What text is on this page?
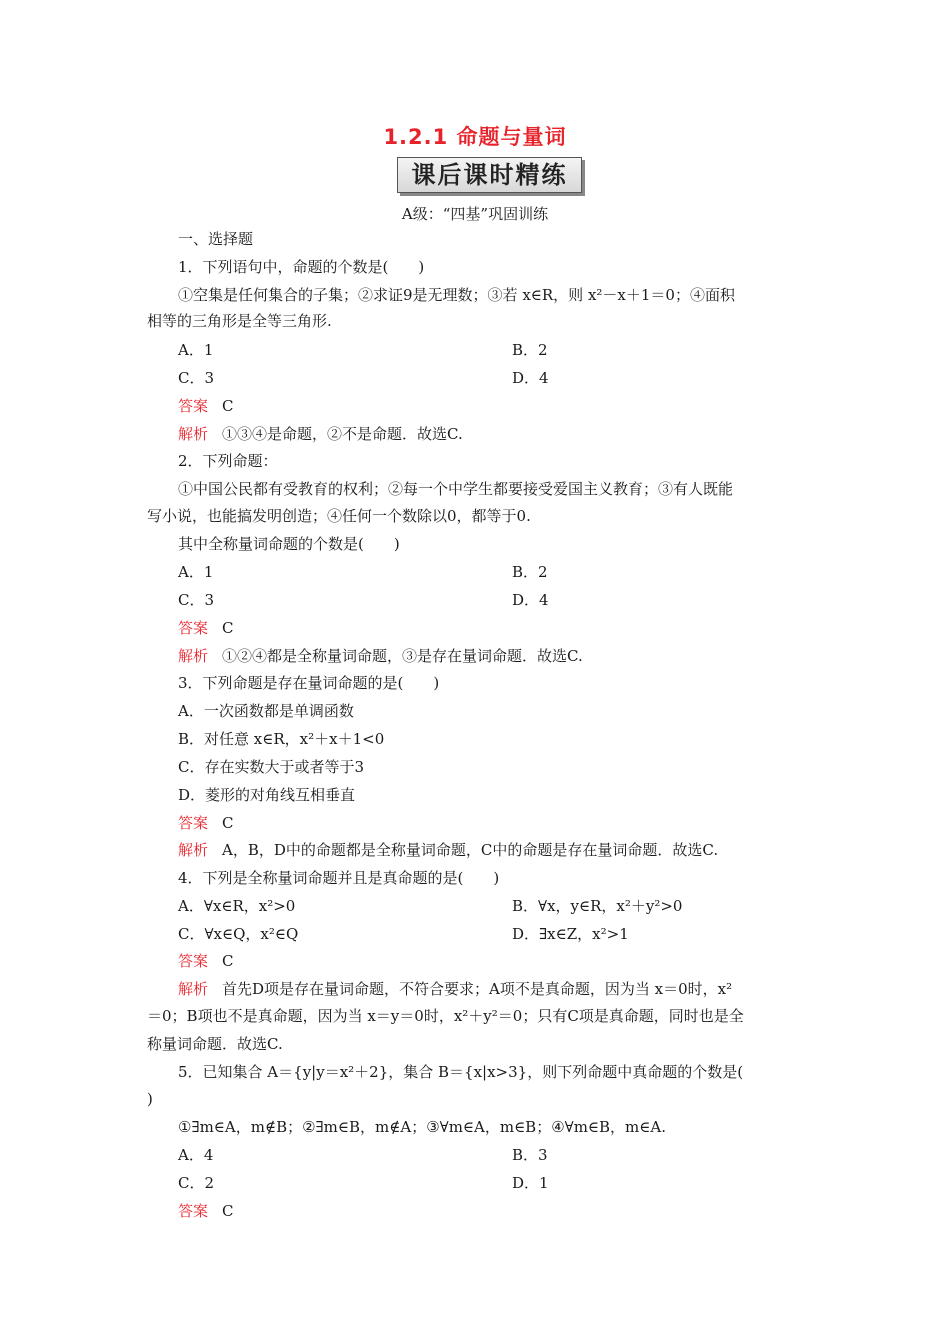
1.2.1 命题与量词
课后课时精练
A级：“四基”巩固训练
一、选择题
1．下列语句中，命题的个数是(　　)
①空集是任何集合的子集；②求证9是无理数；③若 x∈R，则 x²－x＋1＝0；④面积
相等的三角形是全等三角形.
A．1	B．2
C．3	D．4
答案 C
解析 ①③④是命题，②不是命题．故选C.
2．下列命题：
①中国公民都有受教育的权利；②每一个中学生都要接受爱国主义教育；③有人既能
写小说，也能搞发明创造；④任何一个数除以0，都等于0.
其中全称量词命题的个数是(　　)
A．1	B．2
C．3	D．4
答案 C
解析 ①②④都是全称量词命题，③是存在量词命题．故选C.
3．下列命题是存在量词命题的是(　　)
A．一次函数都是单调函数
B．对任意 x∈R，x²＋x＋1<0
C．存在实数大于或者等于3
D．菱形的对角线互相垂直
答案 C
解析 A，B，D中的命题都是全称量词命题，C中的命题是存在量词命题．故选C.
4．下列是全称量词命题并且是真命题的是(　　)
A．∀x∈R，x²>0	B．∀x，y∈R，x²＋y²>0
C．∀x∈Q，x²∈Q	D．∃x∈Z，x²>1
答案 C
解析 首先D项是存在量词命题，不符合要求；A项不是真命题，因为当 x＝0时，x²
＝0；B项也不是真命题，因为当 x＝y＝0时，x²＋y²＝0；只有C项是真命题，同时也是全
称量词命题．故选C.
5．已知集合 A＝{y|y＝x²＋2}，集合 B＝{x|x>3}，则下列命题中真命题的个数是(
)
①∃m∈A，m∉B；②∃m∈B，m∉A；③∀m∈A，m∈B；④∀m∈B，m∈A.
A．4	B．3
C．2	D．1
答案 C
